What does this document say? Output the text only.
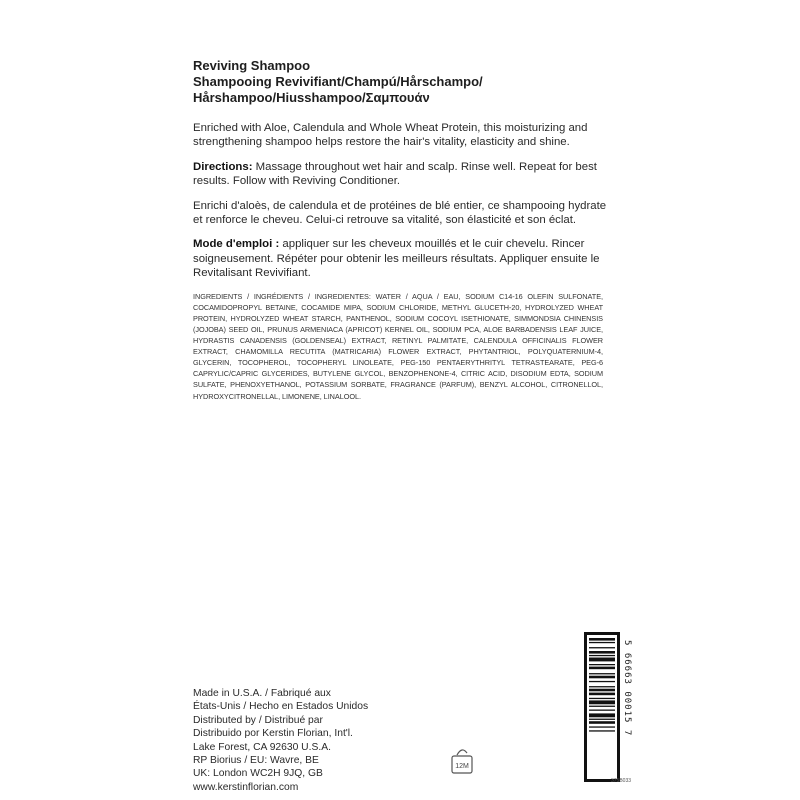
Reviving Shampoo

Shampooing Revivifiant/Champú/Hårschampo/

Hårshampoo/Hiusshampoo/Σαμπουάν

Enriched with Aloe, Calendula and Whole Wheat Protein, this moisturizing and strengthening shampoo helps restore the hair's vitality, elasticity and shine.

Directions: Massage throughout wet hair and scalp. Rinse well. Repeat for best results. Follow with Reviving Conditioner.

Enrichi d'aloès, de calendula et de protéines de blé entier, ce shampooing hydrate et renforce le cheveu. Celui-ci retrouve sa vitalité, son élasticité et son éclat.

Mode d'emploi : appliquer sur les cheveux mouillés et le cuir chevelu. Rincer soigneusement. Répéter pour obtenir les meilleurs résultats. Appliquer ensuite le Revitalisant Revivifiant.

INGREDIENTS / INGRÉDIENTS / INGREDIENTES: WATER / AQUA / EAU, SODIUM C14-16 OLEFIN SULFONATE, COCAMIDOPROPYL BETAINE, COCAMIDE MIPA, SODIUM CHLORIDE, METHYL GLUCETH-20, HYDROLYZED WHEAT PROTEIN, HYDROLYZED WHEAT STARCH, PANTHENOL, SODIUM COCOYL ISETHIONATE, SIMMONDSIA CHINENSIS (JOJOBA) SEED OIL, PRUNUS ARMENIACA (APRICOT) KERNEL OIL, SODIUM PCA, ALOE BARBADENSIS LEAF JUICE, HYDRASTIS CANADENSIS (GOLDENSEAL) EXTRACT, RETINYL PALMITATE, CALENDULA OFFICINALIS FLOWER EXTRACT, CHAMOMILLA RECUTITA (MATRICARIA) FLOWER EXTRACT, PHYTANTRIOL, POLYQUATERNIUM-4, GLYCERIN, TOCOPHEROL, TOCOPHERYL LINOLEATE, PEG-150 PENTAERYTHRITYL TETRASTEARATE, PEG-6 CAPRYLIC/CAPRIC GLYCERIDES, BUTYLENE GLYCOL, BENZOPHENONE-4, CITRIC ACID, DISODIUM EDTA, SODIUM SULFATE, PHENOXYETHANOL, POTASSIUM SORBATE, FRAGRANCE (PARFUM), BENZYL ALCOHOL, CITRONELLOL, HYDROXYCITRONELLAL, LIMONENE, LINALOOL.

Made in U.S.A. / Fabriqué aux
États-Unis / Hecho en Estados Unidos
Distributed by / Distribué par
Distribuido por Kerstin Florian, Int'l.
Lake Forest, CA 92630 U.S.A.
RP Biorius / EU: Wavre, BE
UK: London WC2H 9JQ, GB
www.kerstinflorian.com
12M
5 66663 00015 7
375B033
